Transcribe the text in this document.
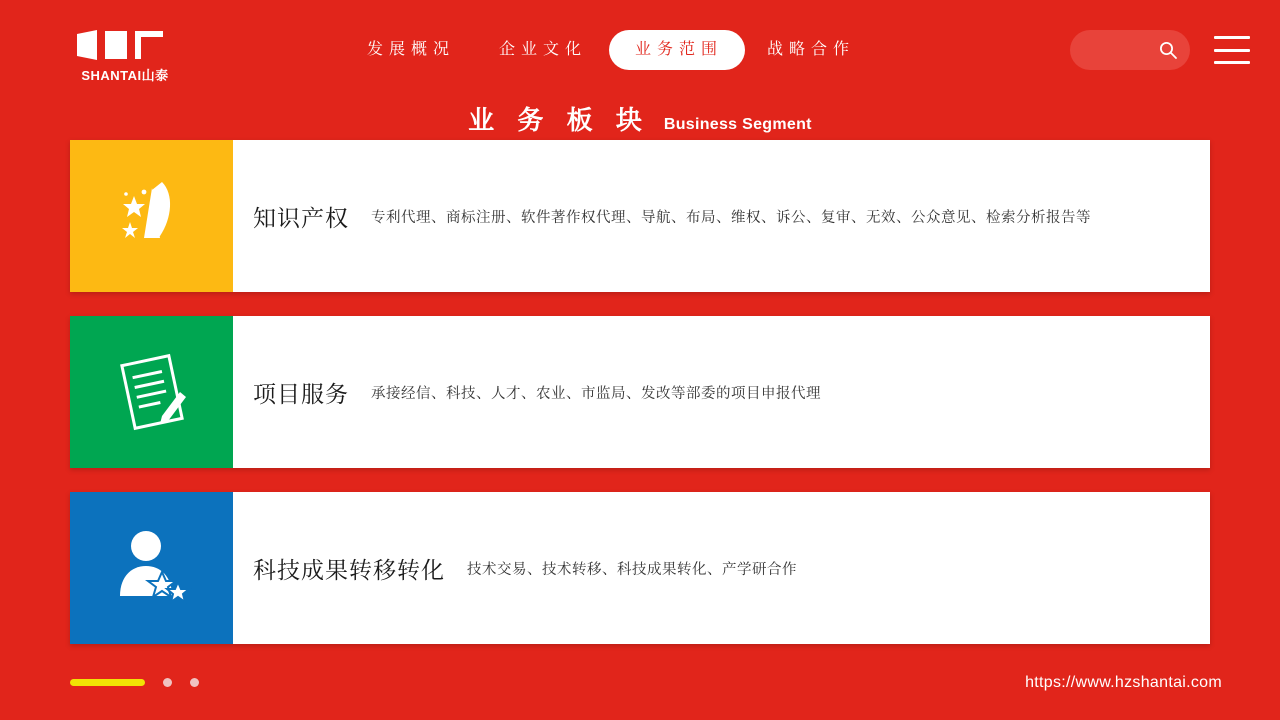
SHANTAI山泰
发展概况	企业文化	业务范围	战略合作
业 务 板 块 Business Segment
知识产权 专利代理、商标注册、软件著作权代理、导航、布局、维权、诉公、复审、无效、公众意见、检索分析报告等
项目服务 承接经信、科技、人才、农业、市监局、发改等部委的项目申报代理
科技成果转移转化 技术交易、技术转移、科技成果转化、产学研合作
https://www.hzshantai.com
